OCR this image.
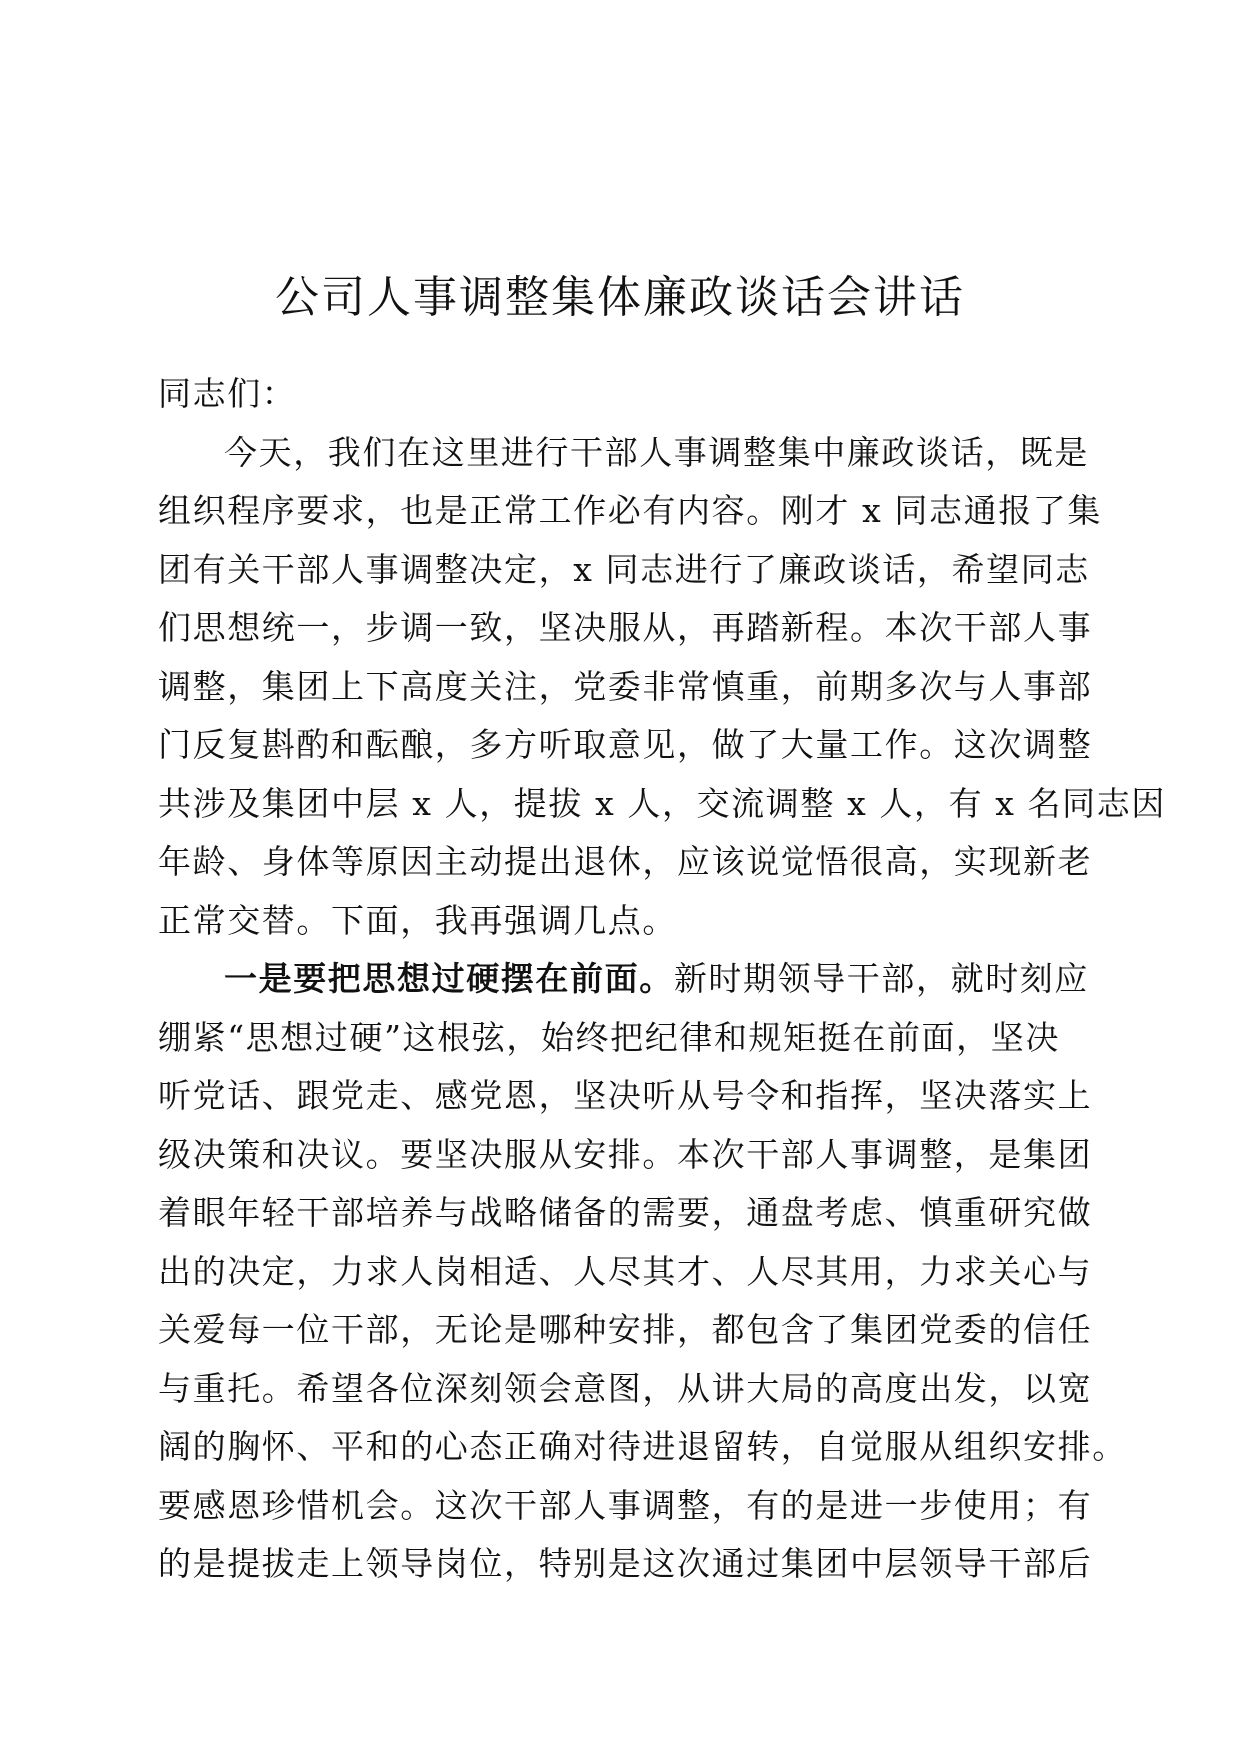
公司人事调整集体廉政谈话会讲话
同志们：
今天，我们在这里进行干部人事调整集中廉政谈话，既是
组织程序要求，也是正常工作必有内容。刚才 x 同志通报了集
团有关干部人事调整决定，x 同志进行了廉政谈话，希望同志
们思想统一，步调一致，坚决服从，再踏新程。本次干部人事
调整，集团上下高度关注，党委非常慎重，前期多次与人事部
门反复斟酌和酝酿，多方听取意见，做了大量工作。这次调整
共涉及集团中层 x 人，提拔 x 人，交流调整 x 人，有 x 名同志因
年龄、身体等原因主动提出退休，应该说觉悟很高，实现新老
正常交替。下面，我再强调几点。
一是要把思想过硬摆在前面。新时期领导干部，就时刻应
绷紧“思想过硬”这根弦，始终把纪律和规矩挺在前面，坚决
听党话、跟党走、感党恩，坚决听从号令和指挥，坚决落实上
级决策和决议。要坚决服从安排。本次干部人事调整，是集团
着眼年轻干部培养与战略储备的需要，通盘考虑、慎重研究做
出的决定，力求人岗相适、人尽其才、人尽其用，力求关心与
关爱每一位干部，无论是哪种安排，都包含了集团党委的信任
与重托。希望各位深刻领会意图，从讲大局的高度出发，以宽
阔的胸怀、平和的心态正确对待进退留转，自觉服从组织安排。
要感恩珍惜机会。这次干部人事调整，有的是进一步使用；有
的是提拔走上领导岗位，特别是这次通过集团中层领导干部后
